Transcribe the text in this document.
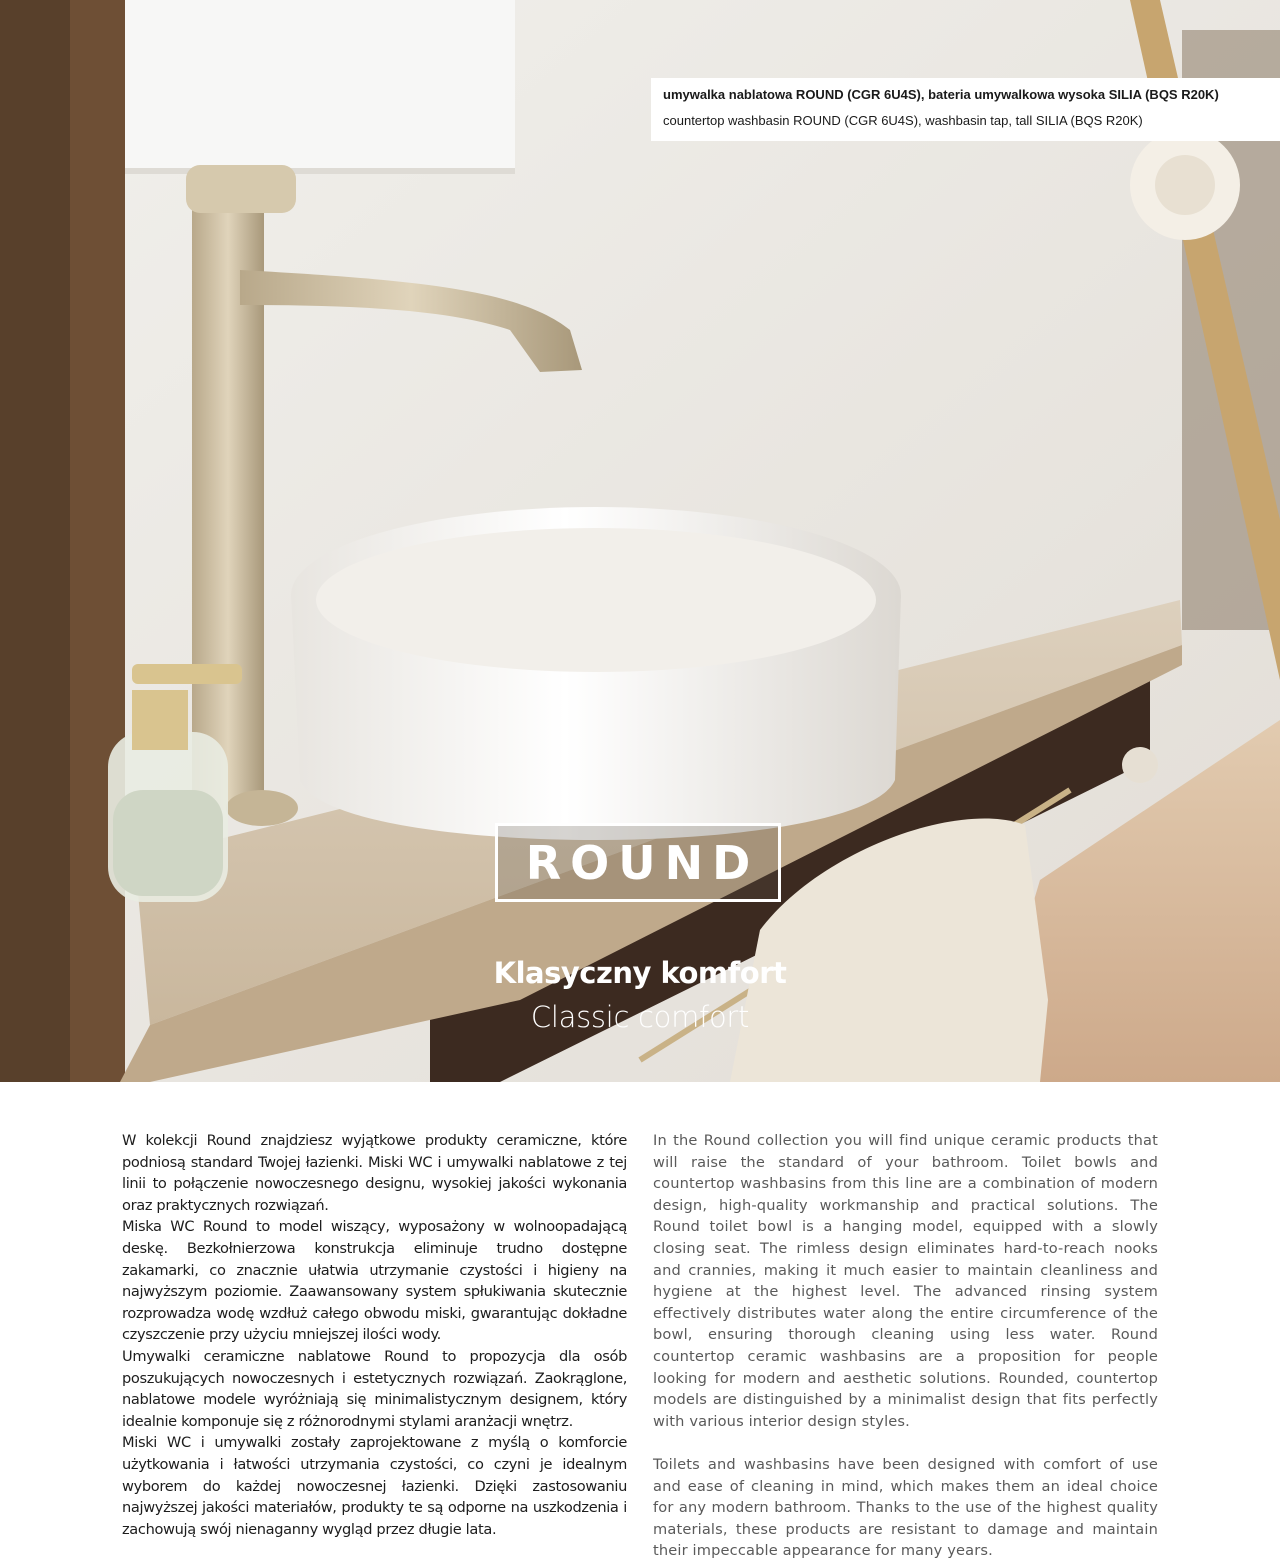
umywalka nablatowa ROUND (CGR 6U4S), bateria umywalkowa wysoka SILIA (BQS R20K)
countertop washbasin ROUND (CGR 6U4S), washbasin tap, tall SILIA (BQS R20K)
ROUND
Klasyczny komfort
Classic comfort

W kolekcji Round znajdziesz wyjątkowe produkty ceramiczne, które podniosą standard Twojej łazienki. Miski WC i umywalki nablatowe z tej linii to połączenie nowoczesnego designu, wysokiej jakości wykonania oraz praktycznych rozwiązań.

Miska WC Round to model wiszący, wyposażony w wolnoopadającą deskę. Bezkołnierzowa konstrukcja eliminuje trudno dostępne zakamarki, co znacznie ułatwia utrzymanie czystości i higieny na najwyższym poziomie. Zaawansowany system spłukiwania skutecznie rozprowadza wodę wzdłuż całego obwodu miski, gwarantując dokładne czyszczenie przy użyciu mniejszej ilości wody.

Umywalki ceramiczne nablatowe Round to propozycja dla osób poszukujących nowoczesnych i estetycznych rozwiązań. Zaokrąglone, nablatowe modele wyróżniają się minimalistycznym designem, który idealnie komponuje się z różnorodnymi stylami aranżacji wnętrz.

Miski WC i umywalki zostały zaprojektowane z myślą o komforcie użytkowania i łatwości utrzymania czystości, co czyni je idealnym wyborem do każdej nowoczesnej łazienki. Dzięki zastosowaniu najwyższej jakości materiałów, produkty te są odporne na uszkodzenia i zachowują swój nienaganny wygląd przez długie lata.

In the Round collection you will find unique ceramic products that will raise the standard of your bathroom. Toilet bowls and countertop washbasins from this line are a combination of modern design, high-quality workmanship and practical solutions. The Round toilet bowl is a hanging model, equipped with a slowly closing seat. The rimless design eliminates hard-to-reach nooks and crannies, making it much easier to maintain cleanliness and hygiene at the highest level. The advanced rinsing system effectively distributes water along the entire circumference of the bowl, ensuring thorough cleaning using less water. Round countertop ceramic washbasins are a proposition for people looking for modern and aesthetic solutions. Rounded, countertop models are distinguished by a minimalist design that fits perfectly with various interior design styles.

Toilets and washbasins have been designed with comfort of use and ease of cleaning in mind, which makes them an ideal choice for any modern bathroom. Thanks to the use of the highest quality materials, these products are resistant to damage and maintain their impeccable appearance for many years.
